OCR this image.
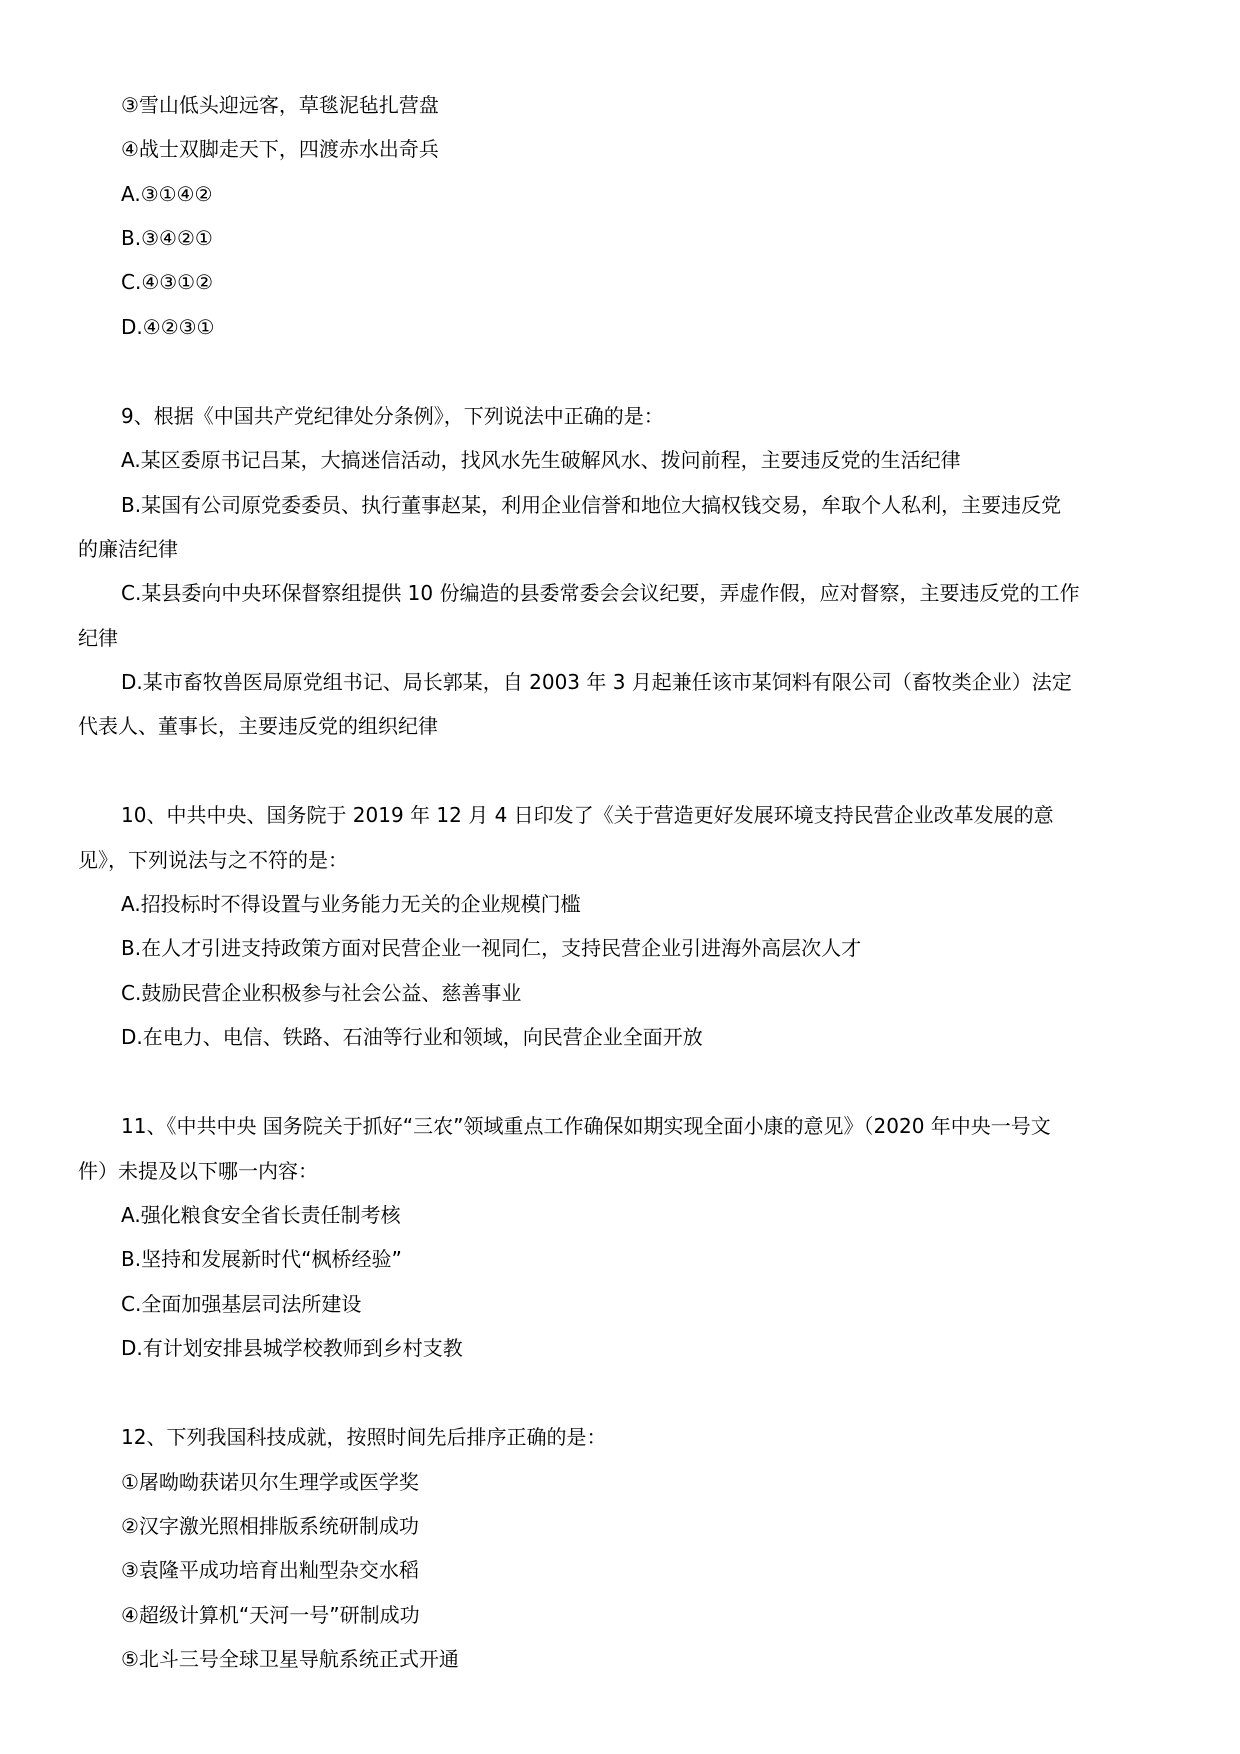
③雪山低头迎远客，草毯泥毡扎营盘
④战士双脚走天下，四渡赤水出奇兵
A.③①④②
B.③④②①
C.④③①②
D.④②③①
9、根据《中国共产党纪律处分条例》，下列说法中正确的是：
A.某区委原书记吕某，大搞迷信活动，找风水先生破解风水、拨问前程，主要违反党的生活纪律
B.某国有公司原党委委员、执行董事赵某，利用企业信誉和地位大搞权钱交易，牟取个人私利，主要违反党
的廉洁纪律
C.某县委向中央环保督察组提供 10 份编造的县委常委会会议纪要，弄虚作假，应对督察，主要违反党的工作
纪律
D.某市畜牧兽医局原党组书记、局长郭某，自 2003 年 3 月起兼任该市某饲料有限公司（畜牧类企业）法定
代表人、董事长，主要违反党的组织纪律
10、中共中央、国务院于 2019 年 12 月 4 日印发了《关于营造更好发展环境支持民营企业改革发展的意
见》，下列说法与之不符的是：
A.招投标时不得设置与业务能力无关的企业规模门槛
B.在人才引进支持政策方面对民营企业一视同仁，支持民营企业引进海外高层次人才
C.鼓励民营企业积极参与社会公益、慈善事业
D.在电力、电信、铁路、石油等行业和领域，向民营企业全面开放
11、《中共中央 国务院关于抓好“三农”领域重点工作确保如期实现全面小康的意见》（2020 年中央一号文
件）未提及以下哪一内容：
A.强化粮食安全省长责任制考核
B.坚持和发展新时代“枫桥经验”
C.全面加强基层司法所建设
D.有计划安排县城学校教师到乡村支教
12、下列我国科技成就，按照时间先后排序正确的是：
①屠呦呦获诺贝尔生理学或医学奖
②汉字激光照相排版系统研制成功
③袁隆平成功培育出籼型杂交水稻
④超级计算机“天河一号”研制成功
⑤北斗三号全球卫星导航系统正式开通
